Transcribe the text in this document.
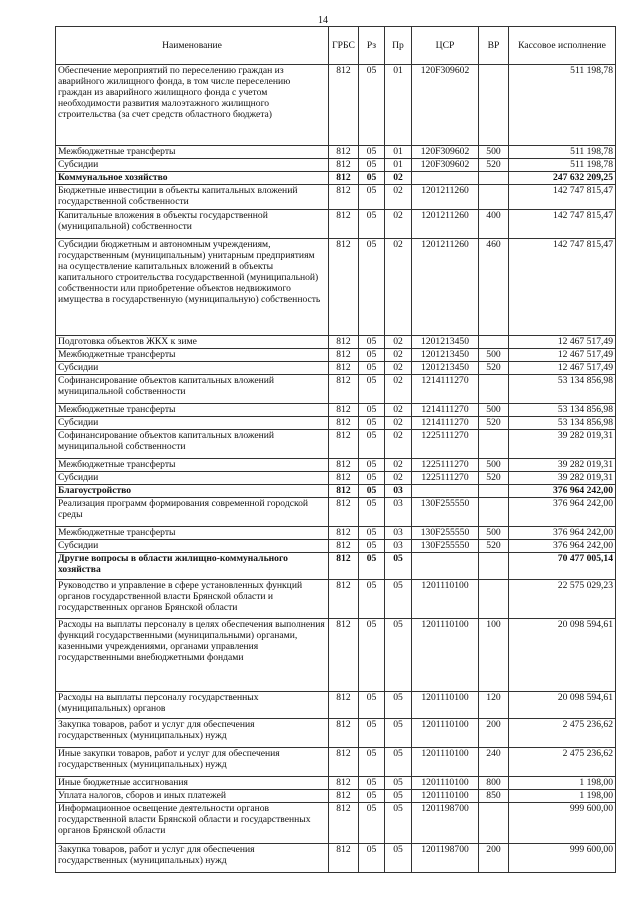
14
Наименование	ГРБС	Рз	Пр	ЦСР	ВР	Кассовое исполнение
Обеспечение мероприятий по переселению граждан из аварийного жилищного фонда, в том числе переселению граждан из аварийного жилищного фонда с учетом необходимости развития малоэтажного жилищного строительства (за счет средств областного бюджета)	812	05	01	120F309602		511 198,78
Межбюджетные трансферты	812	05	01	120F309602	500	511 198,78
Субсидии	812	05	01	120F309602	520	511 198,78
Коммунальное хозяйство	812	05	02			247 632 209,25
Бюджетные инвестиции в объекты капитальных вложений государственной собственности	812	05	02	1201211260		142 747 815,47
Капитальные вложения в объекты государственной (муниципальной) собственности	812	05	02	1201211260	400	142 747 815,47
Субсидии бюджетным и автономным учреждениям, государственным (муниципальным) унитарным предприятиям на осуществление капитальных вложений в объекты капитального строительства государственной (муниципальной) собственности или приобретение объектов недвижимого имущества в государственную (муниципальную) собственность	812	05	02	1201211260	460	142 747 815,47
Подготовка объектов ЖКХ к зиме	812	05	02	1201213450		12 467 517,49
Межбюджетные трансферты	812	05	02	1201213450	500	12 467 517,49
Субсидии	812	05	02	1201213450	520	12 467 517,49
Софинансирование объектов капитальных вложений муниципальной собственности	812	05	02	1214111270		53 134 856,98
Межбюджетные трансферты	812	05	02	1214111270	500	53 134 856,98
Субсидии	812	05	02	1214111270	520	53 134 856,98
Софинансирование объектов капитальных вложений муниципальной собственности	812	05	02	1225111270		39 282 019,31
Межбюджетные трансферты	812	05	02	1225111270	500	39 282 019,31
Субсидии	812	05	02	1225111270	520	39 282 019,31
Благоустройство	812	05	03			376 964 242,00
Реализация программ формирования современной городской среды	812	05	03	130F255550		376 964 242,00
Межбюджетные трансферты	812	05	03	130F255550	500	376 964 242,00
Субсидии	812	05	03	130F255550	520	376 964 242,00
Другие вопросы в области жилищно-коммунального хозяйства	812	05	05			70 477 005,14
Руководство и управление в сфере установленных функций органов государственной власти Брянской области и государственных органов Брянской области	812	05	05	1201110100		22 575 029,23
Расходы на выплаты персоналу в целях обеспечения выполнения функций государственными (муниципальными) органами, казенными учреждениями, органами управления государственными внебюджетными фондами	812	05	05	1201110100	100	20 098 594,61
Расходы на выплаты персоналу государственных (муниципальных) органов	812	05	05	1201110100	120	20 098 594,61
Закупка товаров, работ и услуг для обеспечения государственных (муниципальных) нужд	812	05	05	1201110100	200	2 475 236,62
Иные закупки товаров, работ и услуг для обеспечения государственных (муниципальных) нужд	812	05	05	1201110100	240	2 475 236,62
Иные бюджетные ассигнования	812	05	05	1201110100	800	1 198,00
Уплата налогов, сборов и иных платежей	812	05	05	1201110100	850	1 198,00
Информационное освещение деятельности органов государственной власти Брянской области и государственных органов Брянской области	812	05	05	1201198700		999 600,00
Закупка товаров, работ и услуг для обеспечения государственных (муниципальных) нужд	812	05	05	1201198700	200	999 600,00
